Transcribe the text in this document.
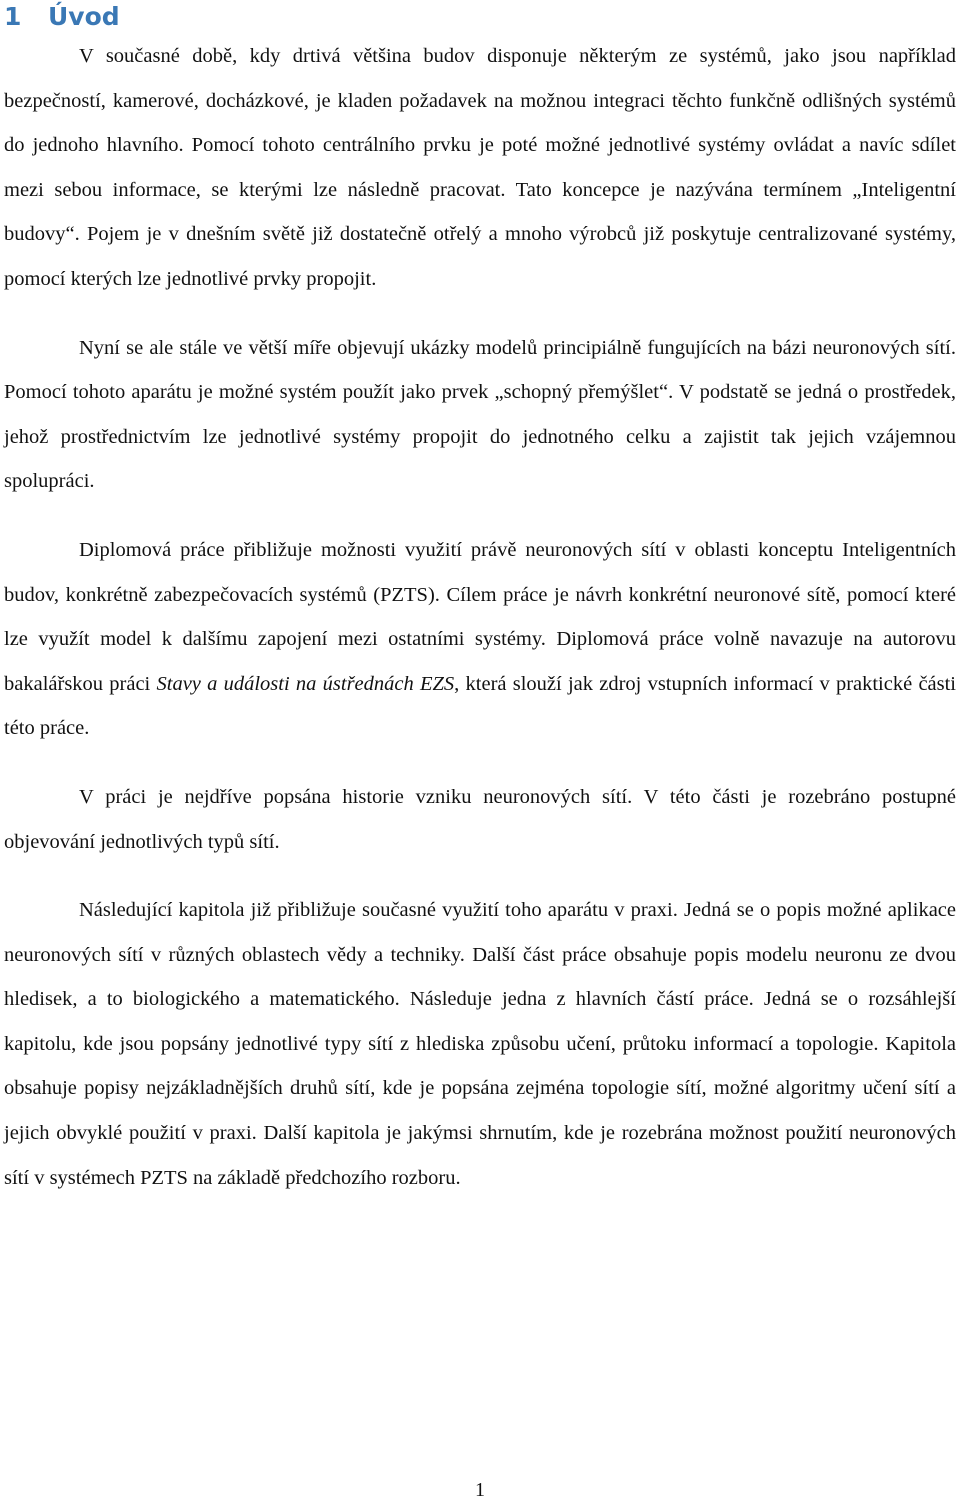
1 Úvod

V současné době, kdy drtivá většina budov disponuje některým ze systémů, jako jsou například bezpečností, kamerové, docházkové, je kladen požadavek na možnou integraci těchto funkčně odlišných systémů do jednoho hlavního. Pomocí tohoto centrálního prvku je poté možné jednotlivé systémy ovládat a navíc sdílet mezi sebou informace, se kterými lze následně pracovat. Tato koncepce je nazývána termínem „Inteligentní budovy“. Pojem je v dnešním světě již dostatečně otřelý a mnoho výrobců již poskytuje centralizované systémy, pomocí kterých lze jednotlivé prvky propojit.

Nyní se ale stále ve větší míře objevují ukázky modelů principiálně fungujících na bázi neuronových sítí. Pomocí tohoto aparátu je možné systém použít jako prvek „schopný přemýšlet“. V podstatě se jedná o prostředek, jehož prostřednictvím lze jednotlivé systémy propojit do jednotného celku a zajistit tak jejich vzájemnou spolupráci.

Diplomová práce přibližuje možnosti využití právě neuronových sítí v oblasti konceptu Inteligentních budov, konkrétně zabezpečovacích systémů (PZTS). Cílem práce je návrh konkrétní neuronové sítě, pomocí které lze využít model k dalšímu zapojení mezi ostatními systémy. Diplomová práce volně navazuje na autorovu bakalářskou práci Stavy a události na ústřednách EZS, která slouží jak zdroj vstupních informací v praktické části této práce.

V práci je nejdříve popsána historie vzniku neuronových sítí. V této části je rozebráno postupné objevování jednotlivých typů sítí.

Následující kapitola již přibližuje současné využití toho aparátu v praxi. Jedná se o popis možné aplikace neuronových sítí v různých oblastech vědy a techniky. Další část práce obsahuje popis modelu neuronu ze dvou hledisek, a to biologického a matematického. Následuje jedna z hlavních částí práce. Jedná se o rozsáhlejší kapitolu, kde jsou popsány jednotlivé typy sítí z hlediska způsobu učení, průtoku informací a topologie. Kapitola obsahuje popisy nejzákladnějších druhů sítí, kde je popsána zejména topologie sítí, možné algoritmy učení sítí a jejich obvyklé použití v praxi. Další kapitola je jakýmsi shrnutím, kde je rozebrána možnost použití neuronových sítí v systémech PZTS na základě předchozího rozboru.

1
